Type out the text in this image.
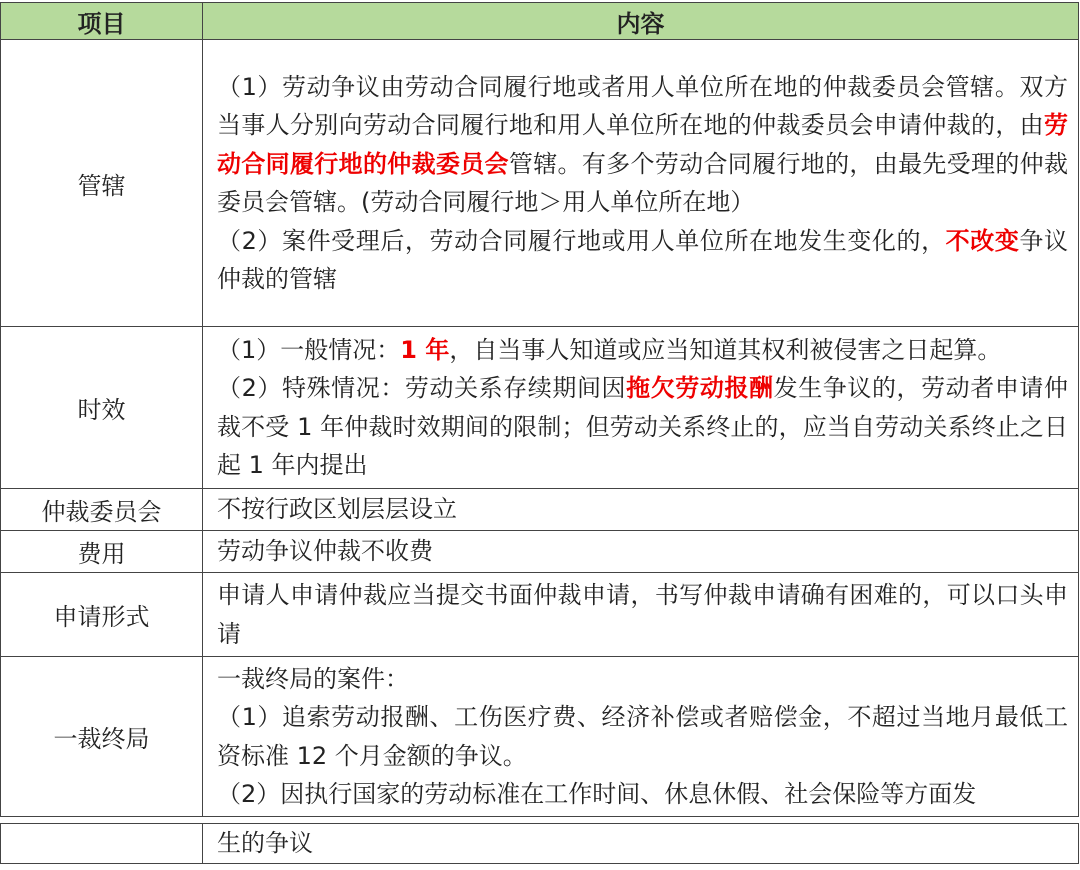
项目	内容
管辖	（1）劳动争议由劳动合同履行地或者用人单位所在地的仲裁委员会管辖。双方当事人分别向劳动合同履行地和用人单位所在地的仲裁委员会申请仲裁的，由劳动合同履行地的仲裁委员会管辖。有多个劳动合同履行地的，由最先受理的仲裁委员会管辖。(劳动合同履行地＞用人单位所在地）

（2）案件受理后，劳动合同履行地或用人单位所在地发生变化的，不改变争议仲裁的管辖

时效	（1）一般情况：1 年，自当事人知道或应当知道其权利被侵害之日起算。

（2）特殊情况：劳动关系存续期间因拖欠劳动报酬发生争议的，劳动者申请仲裁不受 1 年仲裁时效期间的限制；但劳动关系终止的，应当自劳动关系终止之日起 1 年内提出

仲裁委员会	不按行政区划层层设立
费用	劳动争议仲裁不收费
申请形式	申请人申请仲裁应当提交书面仲裁申请，书写仲裁申请确有困难的，可以口头申请
一裁终局	一裁终局的案件：

（1）追索劳动报酬、工伤医疗费、经济补偿或者赔偿金，不超过当地月最低工资标准 12 个月金额的争议。

（2）因执行国家的劳动标准在工作时间、休息休假、社会保险等方面发

	生的争议
